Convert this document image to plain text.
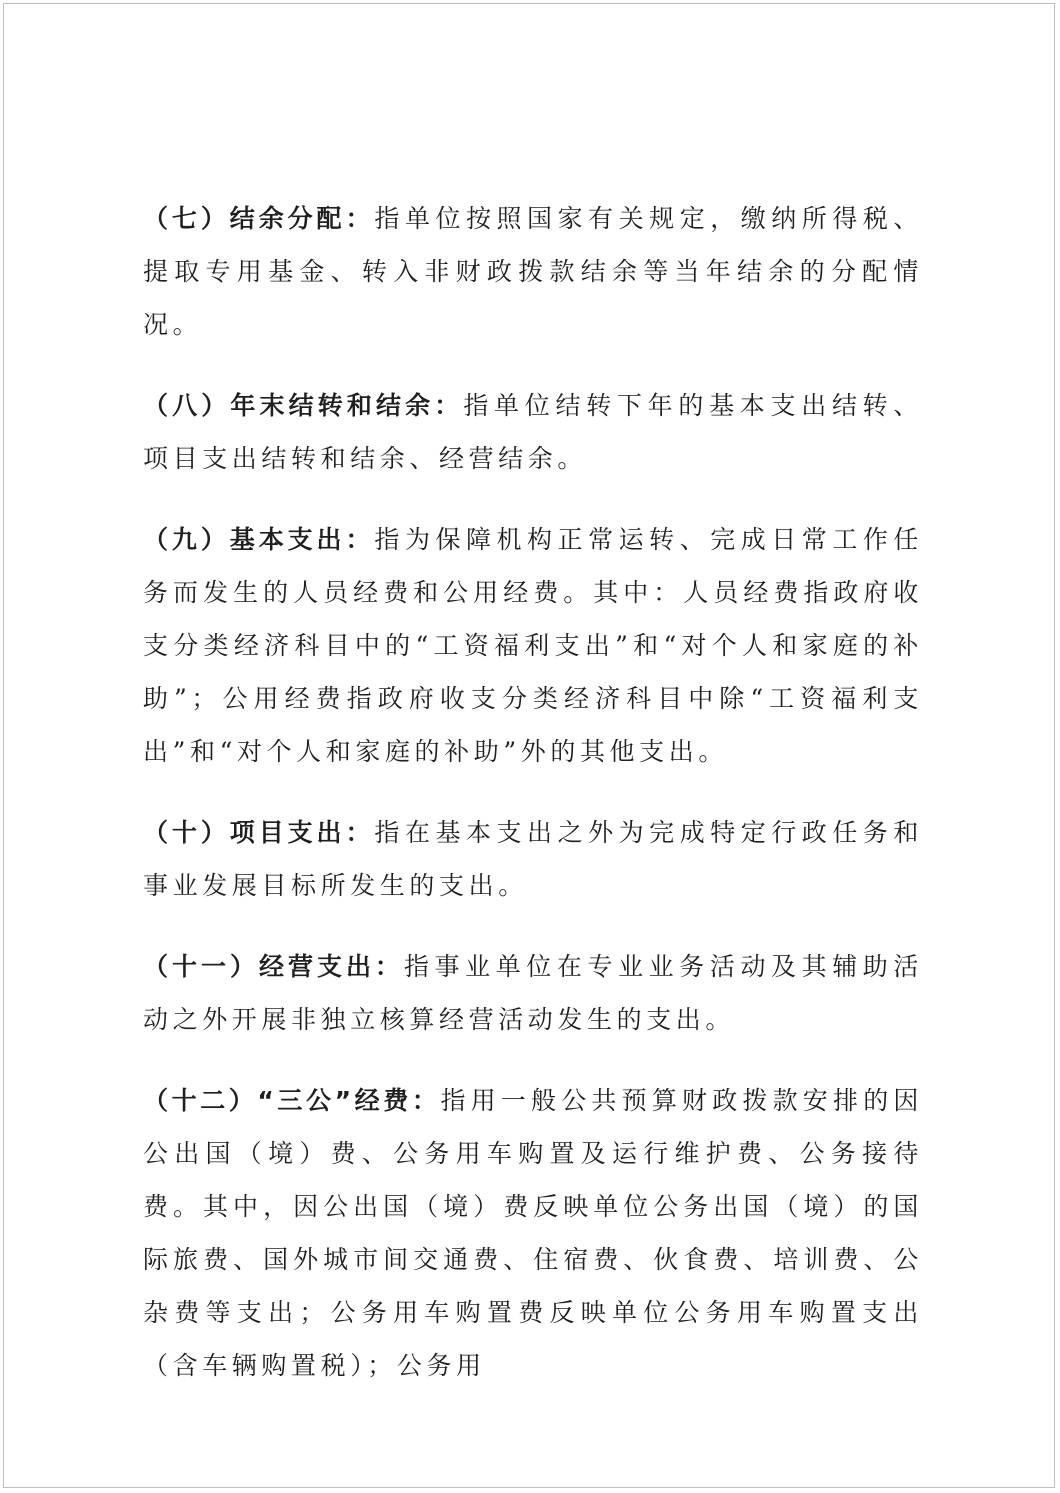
（七）结余分配：指单位按照国家有关规定，缴纳所得税、提取专用基金、转入非财政拨款结余等当年结余的分配情况。

（八）年末结转和结余：指单位结转下年的基本支出结转、项目支出结转和结余、经营结余。

（九）基本支出：指为保障机构正常运转、完成日常工作任务而发生的人员经费和公用经费。其中：人员经费指政府收支分类经济科目中的“工资福利支出”和“对个人和家庭的补助”；公用经费指政府收支分类经济科目中除“工资福利支出”和“对个人和家庭的补助”外的其他支出。

（十）项目支出：指在基本支出之外为完成特定行政任务和事业发展目标所发生的支出。

（十一）经营支出：指事业单位在专业业务活动及其辅助活动之外开展非独立核算经营活动发生的支出。

（十二）“三公”经费：指用一般公共预算财政拨款安排的因公出国（境）费、公务用车购置及运行维护费、公务接待费。其中，因公出国（境）费反映单位公务出国（境）的国际旅费、国外城市间交通费、住宿费、伙食费、培训费、公杂费等支出；公务用车购置费反映单位公务用车购置支出（含车辆购置税）；公务用
